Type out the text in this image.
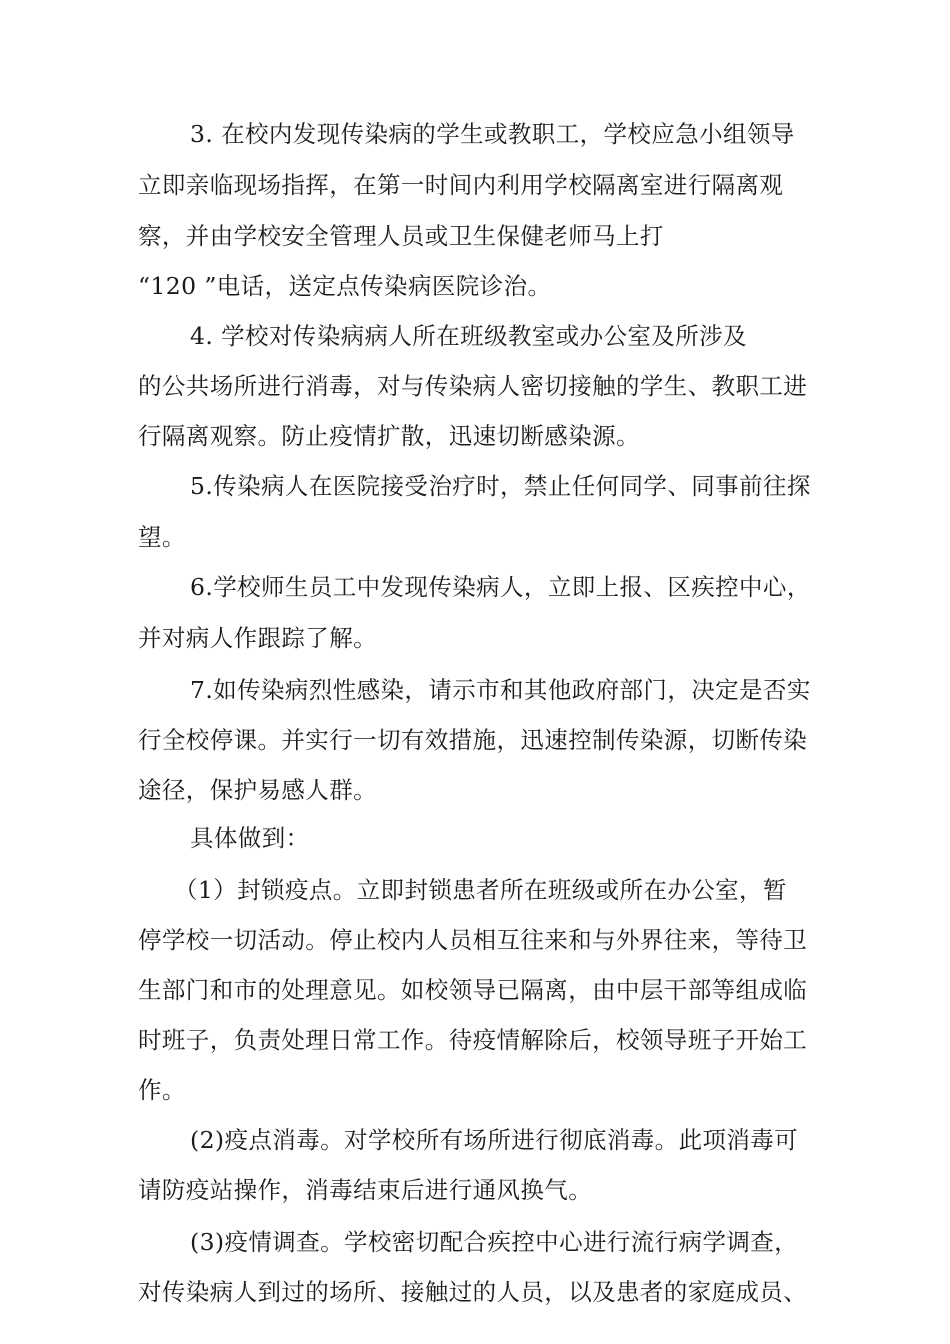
3. 在校内发现传染病的学生或教职工，学校应急小组领导
立即亲临现场指挥，在第一时间内利用学校隔离室进行隔离观
察，并由学校安全管理人员或卫生保健老师马上打
“120 ”电话，送定点传染病医院诊治。
4. 学校对传染病病人所在班级教室或办公室及所涉及
的公共场所进行消毒，对与传染病人密切接触的学生、教职工进
行隔离观察。防止疫情扩散，迅速切断感染源。
5.传染病人在医院接受治疗时，禁止任何同学、同事前往探
望。
6.学校师生员工中发现传染病人，立即上报、区疾控中心，
并对病人作跟踪了解。
7.如传染病烈性感染，请示市和其他政府部门，决定是否实
行全校停课。并实行一切有效措施，迅速控制传染源，切断传染
途径，保护易感人群。
具体做到：
（1）封锁疫点。立即封锁患者所在班级或所在办公室，暂
停学校一切活动。停止校内人员相互往来和与外界往来，等待卫
生部门和市的处理意见。如校领导已隔离，由中层干部等组成临
时班子，负责处理日常工作。待疫情解除后，校领导班子开始工
作。
(2)疫点消毒。对学校所有场所进行彻底消毒。此项消毒可
请防疫站操作，消毒结束后进行通风换气。
(3)疫情调查。学校密切配合疾控中心进行流行病学调查，
对传染病人到过的场所、接触过的人员，以及患者的家庭成员、
